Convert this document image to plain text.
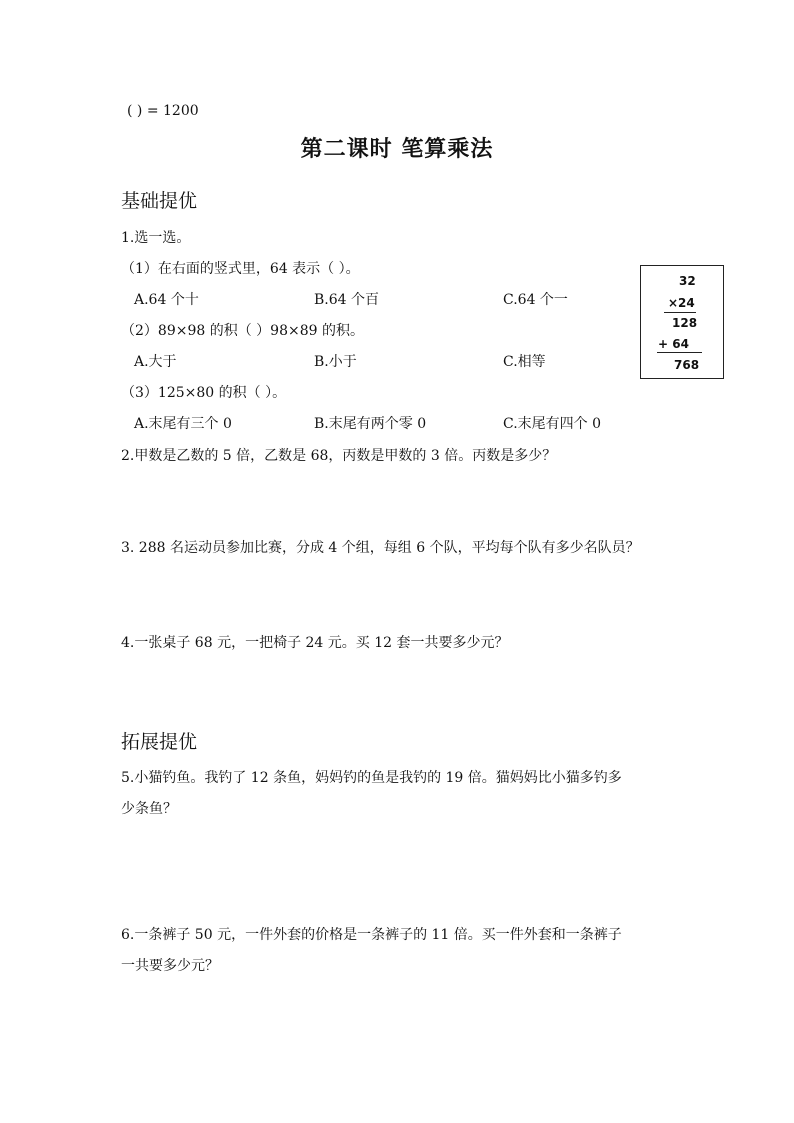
( ) = 1200
第二课时 笔算乘法
基础提优
1.选一选。
（1）在右面的竖式里，64 表示（ ）。
A.64 个十	B.64 个百	C.64 个一
（2）89×98 的积（ ）98×89 的积。
A.大于	B.小于	C.相等
（3）125×80 的积（ ）。
A.末尾有三个 0	B.末尾有两个零 0	C.末尾有四个 0
32
×24
128
+ 64
768
2.甲数是乙数的 5 倍，乙数是 68，丙数是甲数的 3 倍。丙数是多少？
3. 288 名运动员参加比赛，分成 4 个组，每组 6 个队，平均每个队有多少名队员？
4.一张桌子 68 元，一把椅子 24 元。买 12 套一共要多少元？
拓展提优
5.小猫钓鱼。我钓了 12 条鱼，妈妈钓的鱼是我钓的 19 倍。猫妈妈比小猫多钓多
少条鱼？
6.一条裤子 50 元，一件外套的价格是一条裤子的 11 倍。买一件外套和一条裤子
一共要多少元？
